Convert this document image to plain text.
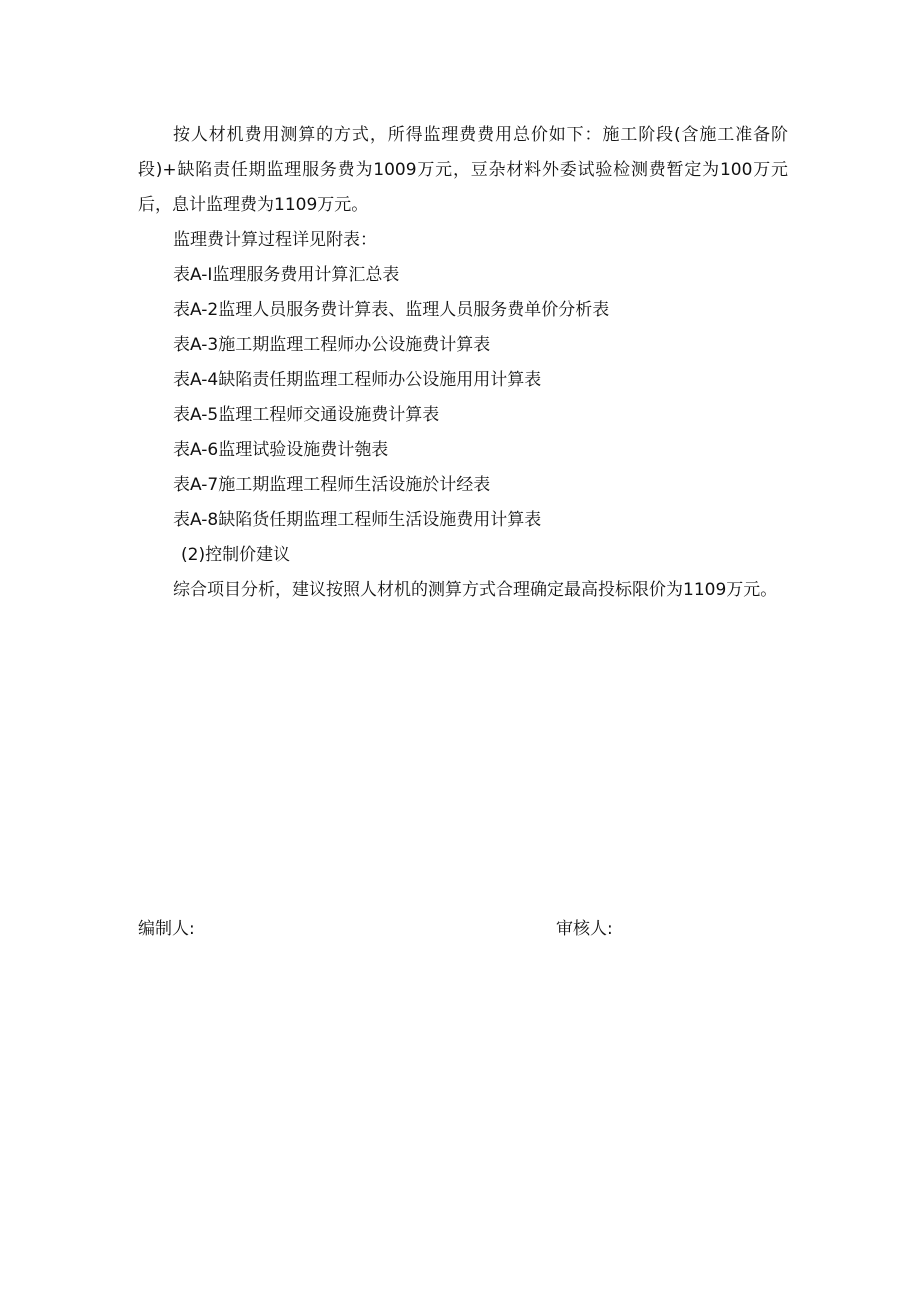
按人材机费用测算的方式，所得监理费费用总价如下：施工阶段(含施工准备阶段)+缺陷责任期监理服务费为1009万元，豆杂材料外委试验检测费暂定为100万元后，息计监理费为1109万元。

监理费计算过程详见附表：

表A-I监理服务费用计算汇总表

表A-2监理人员服务费计算表、监理人员服务费单价分析表

表A-3施工期监理工程师办公设施费计算表

表A-4缺陷责任期监理工程师办公设施用用计算表

表A-5监理工程师交通设施费计算表

表A-6监理试验设施费计匏表

表A-7施工期监理工程师生活设施於计经表

表A-8缺陷货任期监理工程师生活设施费用计算表

(2)控制价建议

综合项目分析，建议按照人材机的测算方式合理确定最高投标限价为1109万元。

编制人:	审核人:
